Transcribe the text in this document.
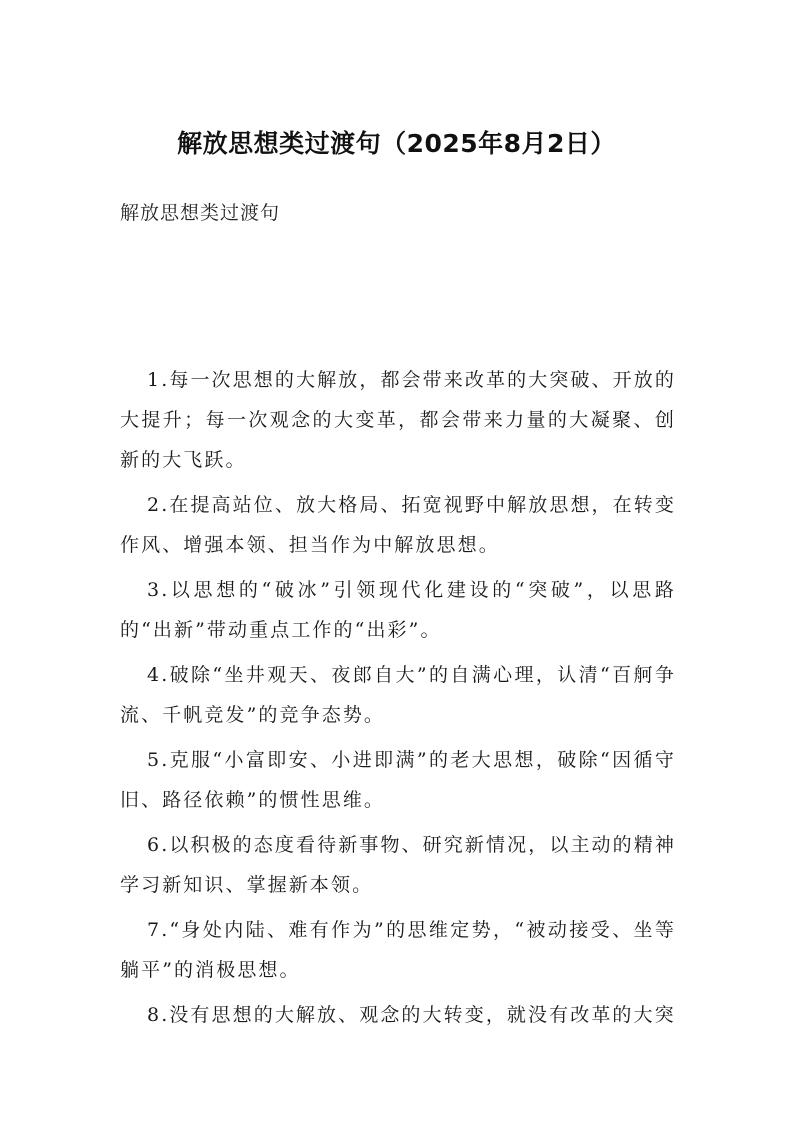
解放思想类过渡句（2025年8月2日）
解放思想类过渡句

1.每一次思想的大解放，都会带来改革的大突破、开放的大提升；每一次观念的大变革，都会带来力量的大凝聚、创新的大飞跃。

2.在提高站位、放大格局、拓宽视野中解放思想，在转变作风、增强本领、担当作为中解放思想。

3.以思想的“破冰”引领现代化建设的“突破”，以思路的“出新”带动重点工作的“出彩”。

4.破除“坐井观天、夜郎自大”的自满心理，认清“百舸争流、千帆竞发”的竞争态势。

5.克服“小富即安、小进即满”的老大思想，破除“因循守旧、路径依赖”的惯性思维。

6.以积极的态度看待新事物、研究新情况，以主动的精神学习新知识、掌握新本领。

7.“身处内陆、难有作为”的思维定势，“被动接受、坐等躺平”的消极思想。

8.没有思想的大解放、观念的大转变，就没有改革的大突
